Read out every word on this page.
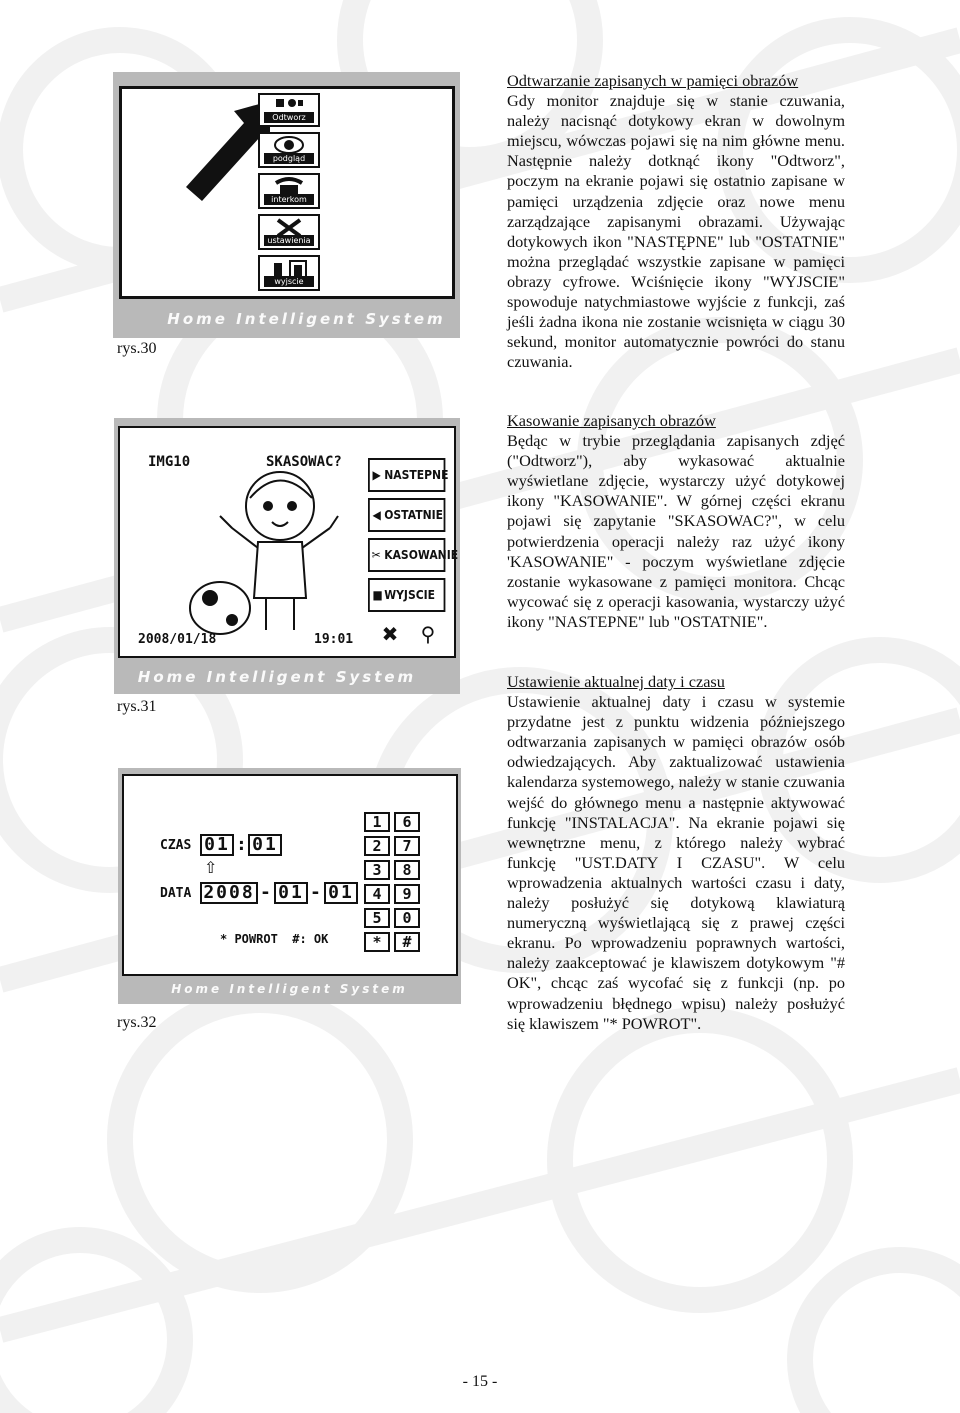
Odtworz
podgląd
interkom
ustawienia
wyjscie
Home Intelligent System
rys.30
IMG10	SKASOWAC?
▶ NASTEPNE
◀ OSTATNIE
✂ KASOWANIE
■ WYJSCIE
2008/01/18	19:01 ✖	⚲
Home Intelligent System
rys.31
CZAS 01 : 01
⇧
DATA 2008 - 01 - 01
* POWROT  #: OK
1	6
2	7
3	8
4	9
5	0
*	#
Home Intelligent System
rys.32
Odtwarzanie zapisanych w pamięci obrazów

Gdy monitor znajduje się w stanie czuwania, należy nacisnąć dotykowy ekran w dowolnym miejscu, wówczas pojawi się na nim główne menu. Następnie należy dotknąć ikony "Odtworz", poczym na ekranie pojawi się ostatnio zapisane w pamięci urządzenia zdjęcie oraz nowe menu zarządzające zapisanymi obrazami. Używając dotykowych ikon "NASTĘPNE" lub "OSTATNIE" można przeglądać wszystkie zapisane w pamięci obrazy cyfrowe. Wciśnięcie ikony "WYJSCIE" spowoduje natychmiastowe wyjście z funkcji, zaś jeśli żadna ikona nie zostanie wcisnięta w ciągu 30 sekund, monitor automatycznie powróci do stanu czuwania.

Kasowanie zapisanych obrazów

Będąc w trybie przeglądania zapisanych zdjęć ("Odtworz"), aby wykasować aktualnie wyświetlane zdjęcie, wystarczy użyć dotykowej ikony "KASOWANIE". W górnej części ekranu pojawi się zapytanie "SKASOWAC?", w celu potwierdzenia operacji należy raz użyć ikony 'KASOWANIE" - poczym wyświetlane zdjęcie zostanie wykasowane z pamięci monitora. Chcąc wycować się z operacji kasowania, wystarczy użyć ikony "NASTEPNE" lub "OSTATNIE".

Ustawienie aktualnej daty i czasu

Ustawienie aktualnej daty i czasu w systemie przydatne jest z punktu widzenia późniejszego odtwarzania zapisanych w pamięci obrazów osób odwiedzających. Aby zaktualizować ustawienia kalendarza systemowego, należy w stanie czuwania wejść do głównego menu a następnie aktywować funkcję "INSTALACJA". Na ekranie pojawi się wewnętrzne menu, z którego należy wybrać funkcję "UST.DATY I CZASU". W celu wprowadzenia aktualnych wartości czasu i daty, należy posłużyć się dotykową klawiaturą numeryczną wyświetlającą się z prawej części ekranu. Po wprowadzeniu poprawnych wartości, należy zaakceptować je klawiszem dotykowym "# OK", chcąc zaś wycofać się z funkcji (np. po wprowadzeniu błędnego wpisu) należy posłużyć się klawiszem "* POWROT".

- 15 -
